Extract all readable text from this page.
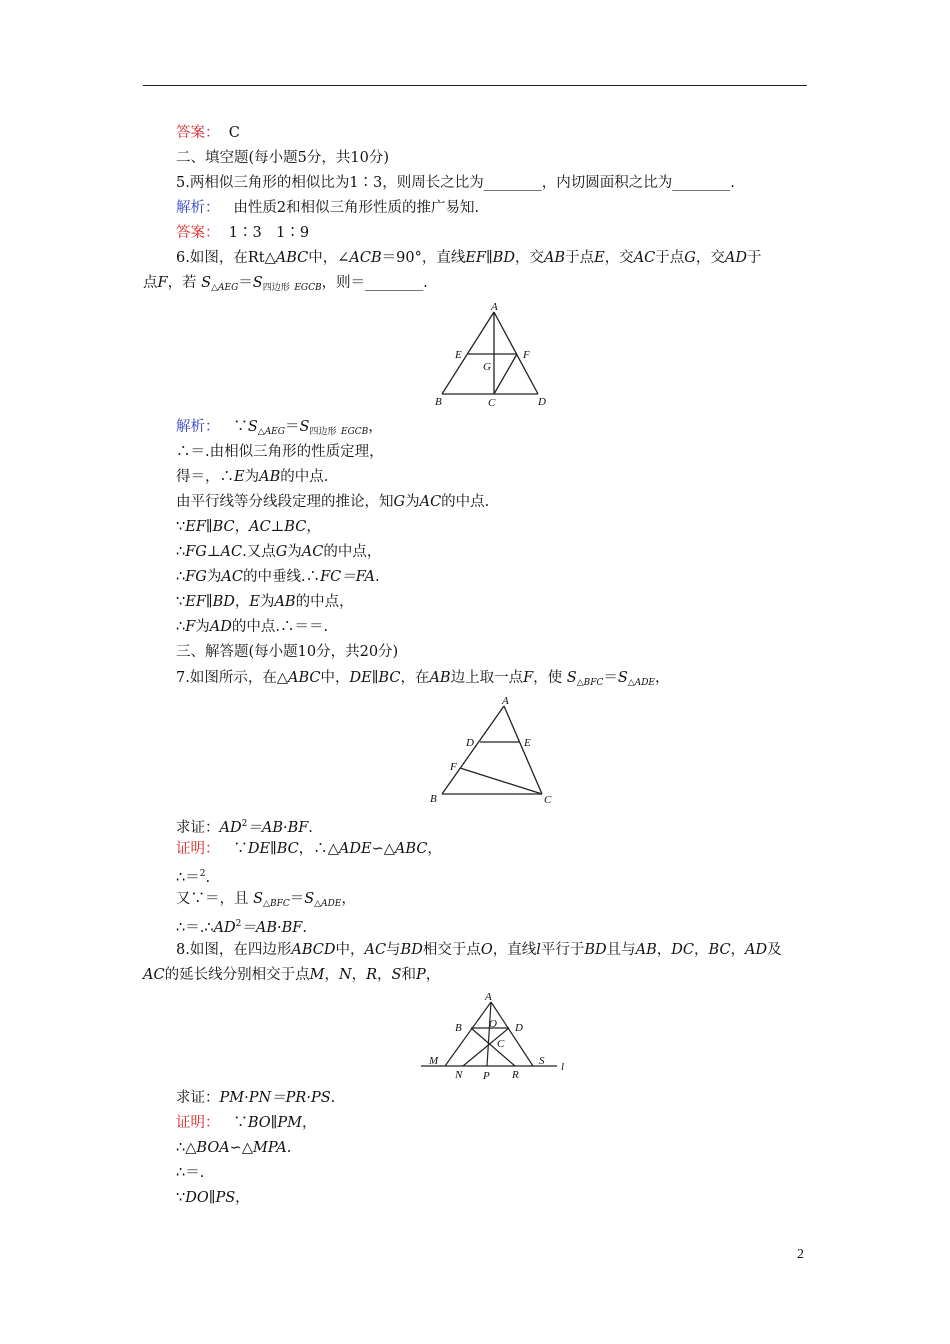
答案： C
二、填空题(每小题5分，共10分)
5.两相似三角形的相似比为1∶3，则周长之比为________，内切圆面积之比为________.
解析： 由性质2和相似三角形性质的推广易知.
答案： 1∶3　1∶9
6.如图，在Rt△ABC中，∠ACB＝90°，直线EF∥BD，交AB于点E，交AC于点G，交AD于
点F，若 $S_{\triangle AEG}=S_{四边形}$ $_{EGCB}$，则＝________.
A
E	F
G
B	C	D
解析： $\because S_{\triangle AEG}=S_{四边形}$ $_{EGCB}$，
∴＝.由相似三角形的性质定理，
得＝，∴E为AB的中点.
由平行线等分线段定理的推论，知G为AC的中点.
∵EF∥BC，AC⊥BC，
∴FG⊥AC.又点G为AC的中点，
∴FG为AC的中垂线.∴FC＝FA.
∵EF∥BD，E为AB的中点，
∴F为AD的中点.∴＝＝.
三、解答题(每小题10分，共20分)
7.如图所示，在△ABC中，DE∥BC，在AB边上取一点F，使 $S_{\triangle BFC}=S_{\triangle ADE}$，
A
D	E
F
B	C
求证：$AD^2=AB\cdot BF$.
证明： ∵DE∥BC，∴△ADE∽△ABC，
∴＝$^2$.
又∵＝，且 $S_{\triangle BFC}=S_{\triangle ADE}$，
$\therefore=.\therefore AD^2=AB\cdot BF$.
8.如图，在四边形ABCD中，AC与BD相交于点O，直线l平行于BD且与AB，DC，BC，AD及
AC的延长线分别相交于点M，N，R，S和P，
A
B O D
C
M	S l
N P R
求证：PM·PN＝PR·PS.
证明： ∵BO∥PM，
∴△BOA∽△MPA.
∴＝.
∵DO∥PS，
2
